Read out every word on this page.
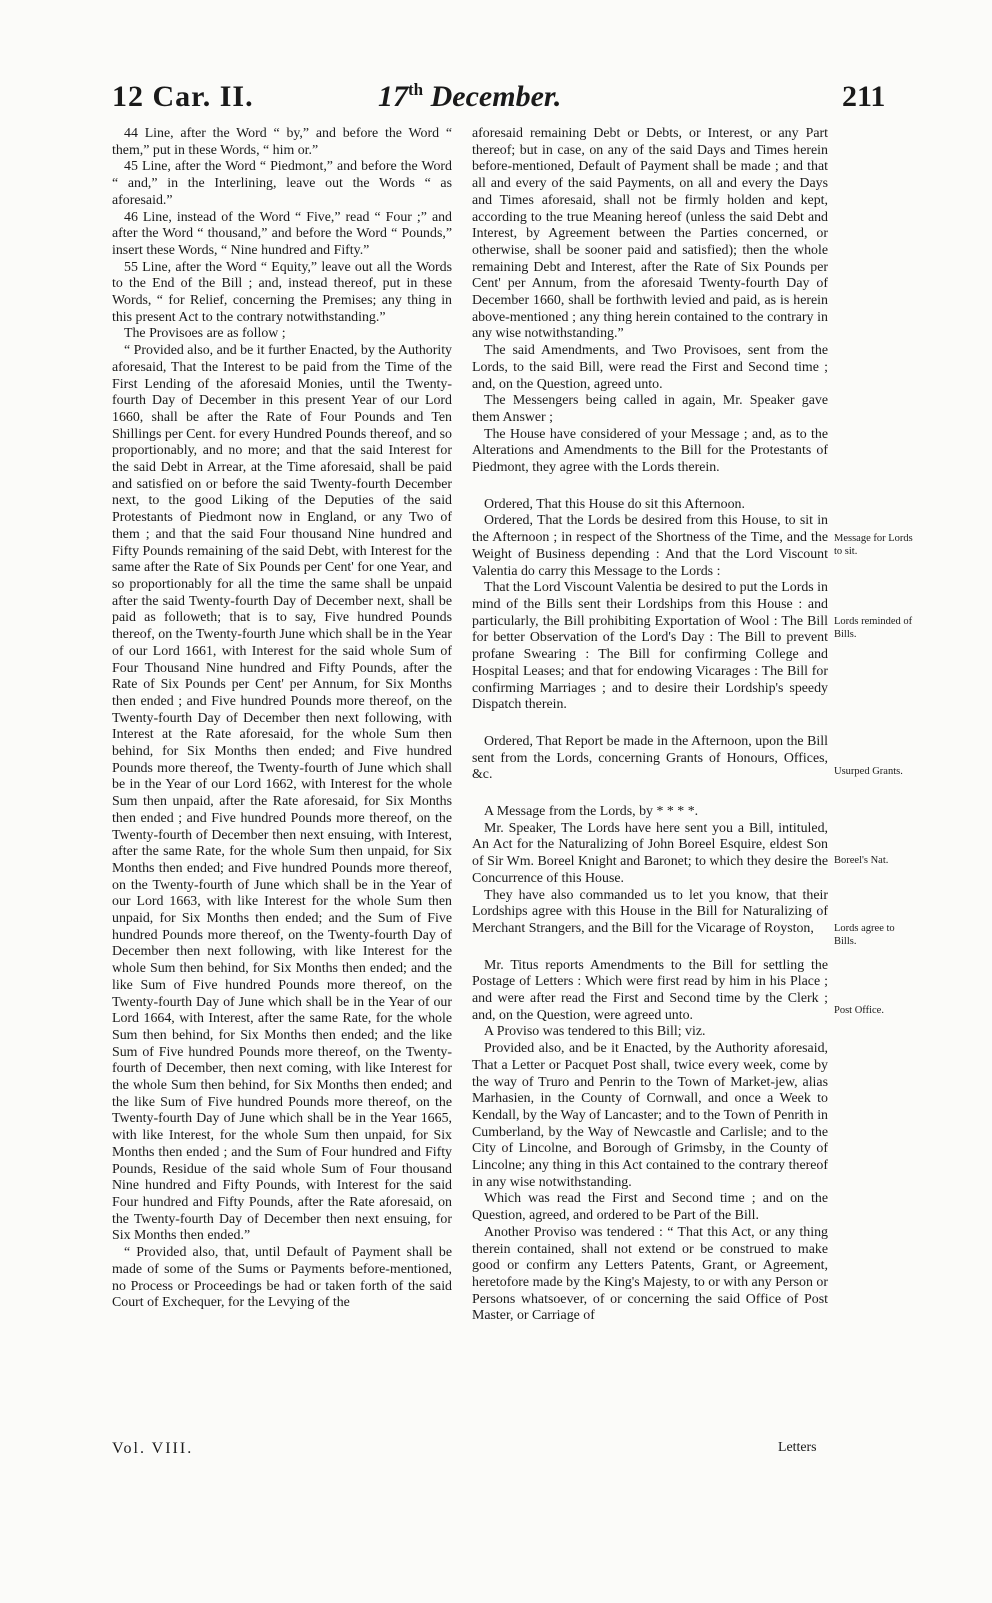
12 Car. II.	17th December.	211

44 Line, after the Word “ by,” and before the Word “ them,” put in these Words, “ him or.”

45 Line, after the Word “ Piedmont,” and before the Word “ and,” in the Interlining, leave out the Words “ as aforesaid.”

46 Line, instead of the Word “ Five,” read “ Four ;” and after the Word “ thousand,” and before the Word “ Pounds,” insert these Words, “ Nine hundred and Fifty.”

55 Line, after the Word “ Equity,” leave out all the Words to the End of the Bill ; and, instead thereof, put in these Words, “ for Relief, concerning the Premises; any thing in this present Act to the contrary notwithstanding.”

The Provisoes are as follow ;

“ Provided also, and be it further Enacted, by the Authority aforesaid, That the Interest to be paid from the Time of the First Lending of the aforesaid Monies, until the Twenty-fourth Day of December in this present Year of our Lord 1660, shall be after the Rate of Four Pounds and Ten Shillings per Cent. for every Hundred Pounds thereof, and so proportionably, and no more; and that the said Interest for the said Debt in Arrear, at the Time aforesaid, shall be paid and satisfied on or before the said Twenty-fourth December next, to the good Liking of the Deputies of the said Protestants of Piedmont now in England, or any Two of them ; and that the said Four thousand Nine hundred and Fifty Pounds remaining of the said Debt, with Interest for the same after the Rate of Six Pounds per Cent' for one Year, and so proportionably for all the time the same shall be unpaid after the said Twenty-fourth Day of December next, shall be paid as followeth; that is to say, Five hundred Pounds thereof, on the Twenty-fourth June which shall be in the Year of our Lord 1661, with Interest for the said whole Sum of Four Thousand Nine hundred and Fifty Pounds, after the Rate of Six Pounds per Cent' per Annum, for Six Months then ended ; and Five hundred Pounds more thereof, on the Twenty-fourth Day of December then next following, with Interest at the Rate aforesaid, for the whole Sum then behind, for Six Months then ended; and Five hundred Pounds more thereof, the Twenty-fourth of June which shall be in the Year of our Lord 1662, with Interest for the whole Sum then unpaid, after the Rate aforesaid, for Six Months then ended ; and Five hundred Pounds more thereof, on the Twenty-fourth of December then next ensuing, with Interest, after the same Rate, for the whole Sum then unpaid, for Six Months then ended; and Five hundred Pounds more thereof, on the Twenty-fourth of June which shall be in the Year of our Lord 1663, with like Interest for the whole Sum then unpaid, for Six Months then ended; and the Sum of Five hundred Pounds more thereof, on the Twenty-fourth Day of December then next following, with like Interest for the whole Sum then behind, for Six Months then ended; and the like Sum of Five hundred Pounds more thereof, on the Twenty-fourth Day of June which shall be in the Year of our Lord 1664, with Interest, after the same Rate, for the whole Sum then behind, for Six Months then ended; and the like Sum of Five hundred Pounds more thereof, on the Twenty-fourth of December, then next coming, with like Interest for the whole Sum then behind, for Six Months then ended; and the like Sum of Five hundred Pounds more thereof, on the Twenty-fourth Day of June which shall be in the Year 1665, with like Interest, for the whole Sum then unpaid, for Six Months then ended ; and the Sum of Four hundred and Fifty Pounds, Residue of the said whole Sum of Four thousand Nine hundred and Fifty Pounds, with Interest for the said Four hundred and Fifty Pounds, after the Rate aforesaid, on the Twenty-fourth Day of December then next ensuing, for Six Months then ended.”

“ Provided also, that, until Default of Payment shall be made of some of the Sums or Payments before-mentioned, no Process or Proceedings be had or taken forth of the said Court of Exchequer, for the Levying of the

aforesaid remaining Debt or Debts, or Interest, or any Part thereof; but in case, on any of the said Days and Times herein before-mentioned, Default of Payment shall be made ; and that all and every of the said Payments, on all and every the Days and Times aforesaid, shall not be firmly holden and kept, according to the true Meaning hereof (unless the said Debt and Interest, by Agreement between the Parties concerned, or otherwise, shall be sooner paid and satisfied); then the whole remaining Debt and Interest, after the Rate of Six Pounds per Cent' per Annum, from the aforesaid Twenty-fourth Day of December 1660, shall be forthwith levied and paid, as is herein above-mentioned ; any thing herein contained to the contrary in any wise notwithstanding.”

The said Amendments, and Two Provisoes, sent from the Lords, to the said Bill, were read the First and Second time ; and, on the Question, agreed unto.

The Messengers being called in again, Mr. Speaker gave them Answer ;

The House have considered of your Message ; and, as to the Alterations and Amendments to the Bill for the Protestants of Piedmont, they agree with the Lords therein.

Ordered, That this House do sit this Afternoon.

Ordered, That the Lords be desired from this House, to sit in the Afternoon ; in respect of the Shortness of the Time, and the Weight of Business depending : And that the Lord Viscount Valentia do carry this Message to the Lords :

That the Lord Viscount Valentia be desired to put the Lords in mind of the Bills sent their Lordships from this House : and particularly, the Bill prohibiting Exportation of Wool : The Bill for better Observation of the Lord's Day : The Bill to prevent profane Swearing : The Bill for confirming College and Hospital Leases; and that for endowing Vicarages : The Bill for confirming Marriages ; and to desire their Lordship's speedy Dispatch therein.

Ordered, That Report be made in the Afternoon, upon the Bill sent from the Lords, concerning Grants of Honours, Offices, &c.

A Message from the Lords, by * * * *.

Mr. Speaker, The Lords have here sent you a Bill, intituled, An Act for the Naturalizing of John Boreel Esquire, eldest Son of Sir Wm. Boreel Knight and Baronet; to which they desire the Concurrence of this House.

They have also commanded us to let you know, that their Lordships agree with this House in the Bill for Naturalizing of Merchant Strangers, and the Bill for the Vicarage of Royston,

Mr. Titus reports Amendments to the Bill for settling the Postage of Letters : Which were first read by him in his Place ; and were after read the First and Second time by the Clerk ; and, on the Question, were agreed unto.

A Proviso was tendered to this Bill; viz.

Provided also, and be it Enacted, by the Authority aforesaid, That a Letter or Pacquet Post shall, twice every week, come by the way of Truro and Penrin to the Town of Market-jew, alias Marhasien, in the County of Cornwall, and once a Week to Kendall, by the Way of Lancaster; and to the Town of Penrith in Cumberland, by the Way of Newcastle and Carlisle; and to the City of Lincolne, and Borough of Grimsby, in the County of Lincolne; any thing in this Act contained to the contrary thereof in any wise notwithstanding.

Which was read the First and Second time ; and on the Question, agreed, and ordered to be Part of the Bill.

Another Proviso was tendered : “ That this Act, or any thing therein contained, shall not extend or be construed to make good or confirm any Letters Patents, Grant, or Agreement, heretofore made by the King's Majesty, to or with any Person or Persons whatsoever, of or concerning the said Office of Post Master, or Carriage of

Message for Lords to sit.
Lords reminded of Bills.
Usurped Grants.
Boreel's Nat.
Lords agree to Bills.
Post Office.
Vol. VIII.	Letters
